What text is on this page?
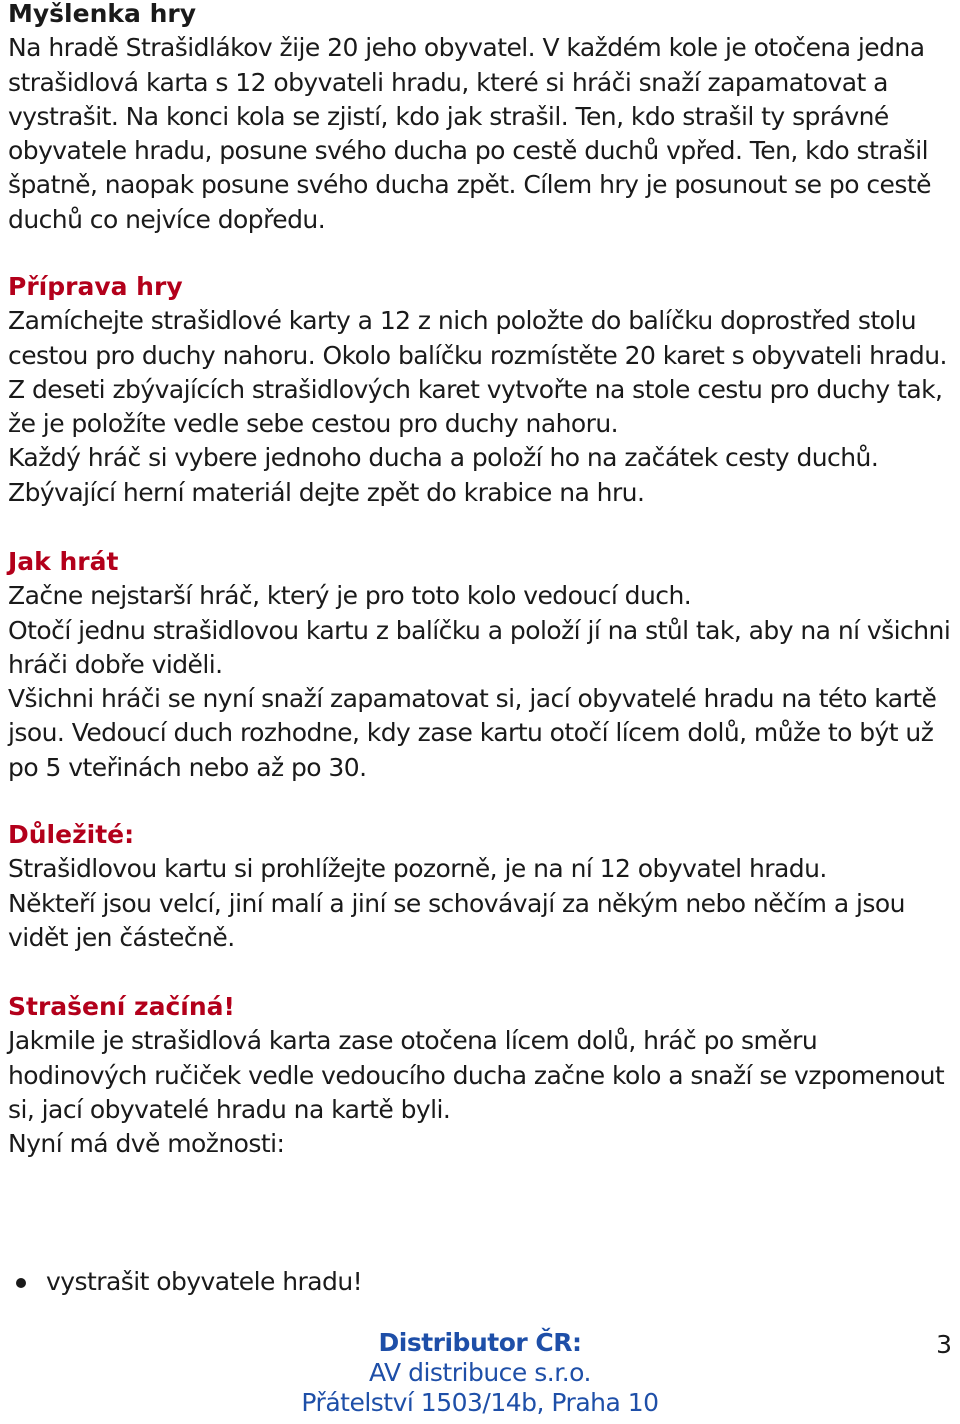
Myšlenka hry

Na hradě Strašidlákov žije 20 jeho obyvatel. V každém kole je otočena jedna strašidlová karta s 12 obyvateli hradu, které si hráči snaží zapamatovat a vystrašit. Na konci kola se zjistí, kdo jak strašil. Ten, kdo strašil ty správné obyvatele hradu, posune svého ducha po cestě duchů vpřed. Ten, kdo strašil špatně, naopak posune svého ducha zpět. Cílem hry je posunout se po cestě duchů co nejvíce dopředu.

Příprava hry

Zamíchejte strašidlové karty a 12 z nich položte do balíčku doprostřed stolu cestou pro duchy nahoru. Okolo balíčku rozmístěte 20 karet s obyvateli hradu. Z deseti zbývajících strašidlových karet vytvořte na stole cestu pro duchy tak, že je položíte vedle sebe cestou pro duchy nahoru.

Každý hráč si vybere jednoho ducha a položí ho na začátek cesty duchů.

Zbývající herní materiál dejte zpět do krabice na hru.

Jak hrát

Začne nejstarší hráč, který je pro toto kolo vedoucí duch.

Otočí jednu strašidlovou kartu z balíčku a položí jí na stůl tak, aby na ní všichni hráči dobře viděli.

Všichni hráči se nyní snaží zapamatovat si, jací obyvatelé hradu na této kartě jsou. Vedoucí duch rozhodne, kdy zase kartu otočí lícem dolů, může to být už po 5 vteřinách nebo až po 30.

Důležité:

Strašidlovou kartu si prohlížejte pozorně, je na ní 12 obyvatel hradu.

Někteří jsou velcí, jiní malí a jiní se schovávají za někým nebo něčím a jsou vidět jen částečně.

Strašení začíná!

Jakmile je strašidlová karta zase otočena lícem dolů, hráč po směru hodinových ručiček vedle vedoucího ducha začne kolo a snaží se vzpomenout si, jací obyvatelé hradu na kartě byli.

Nyní má dvě možnosti:

vystrašit obyvatele hradu!
Distributor ČR:
AV distribuce s.r.o.
Přátelství 1503/14b, Praha 10
3
